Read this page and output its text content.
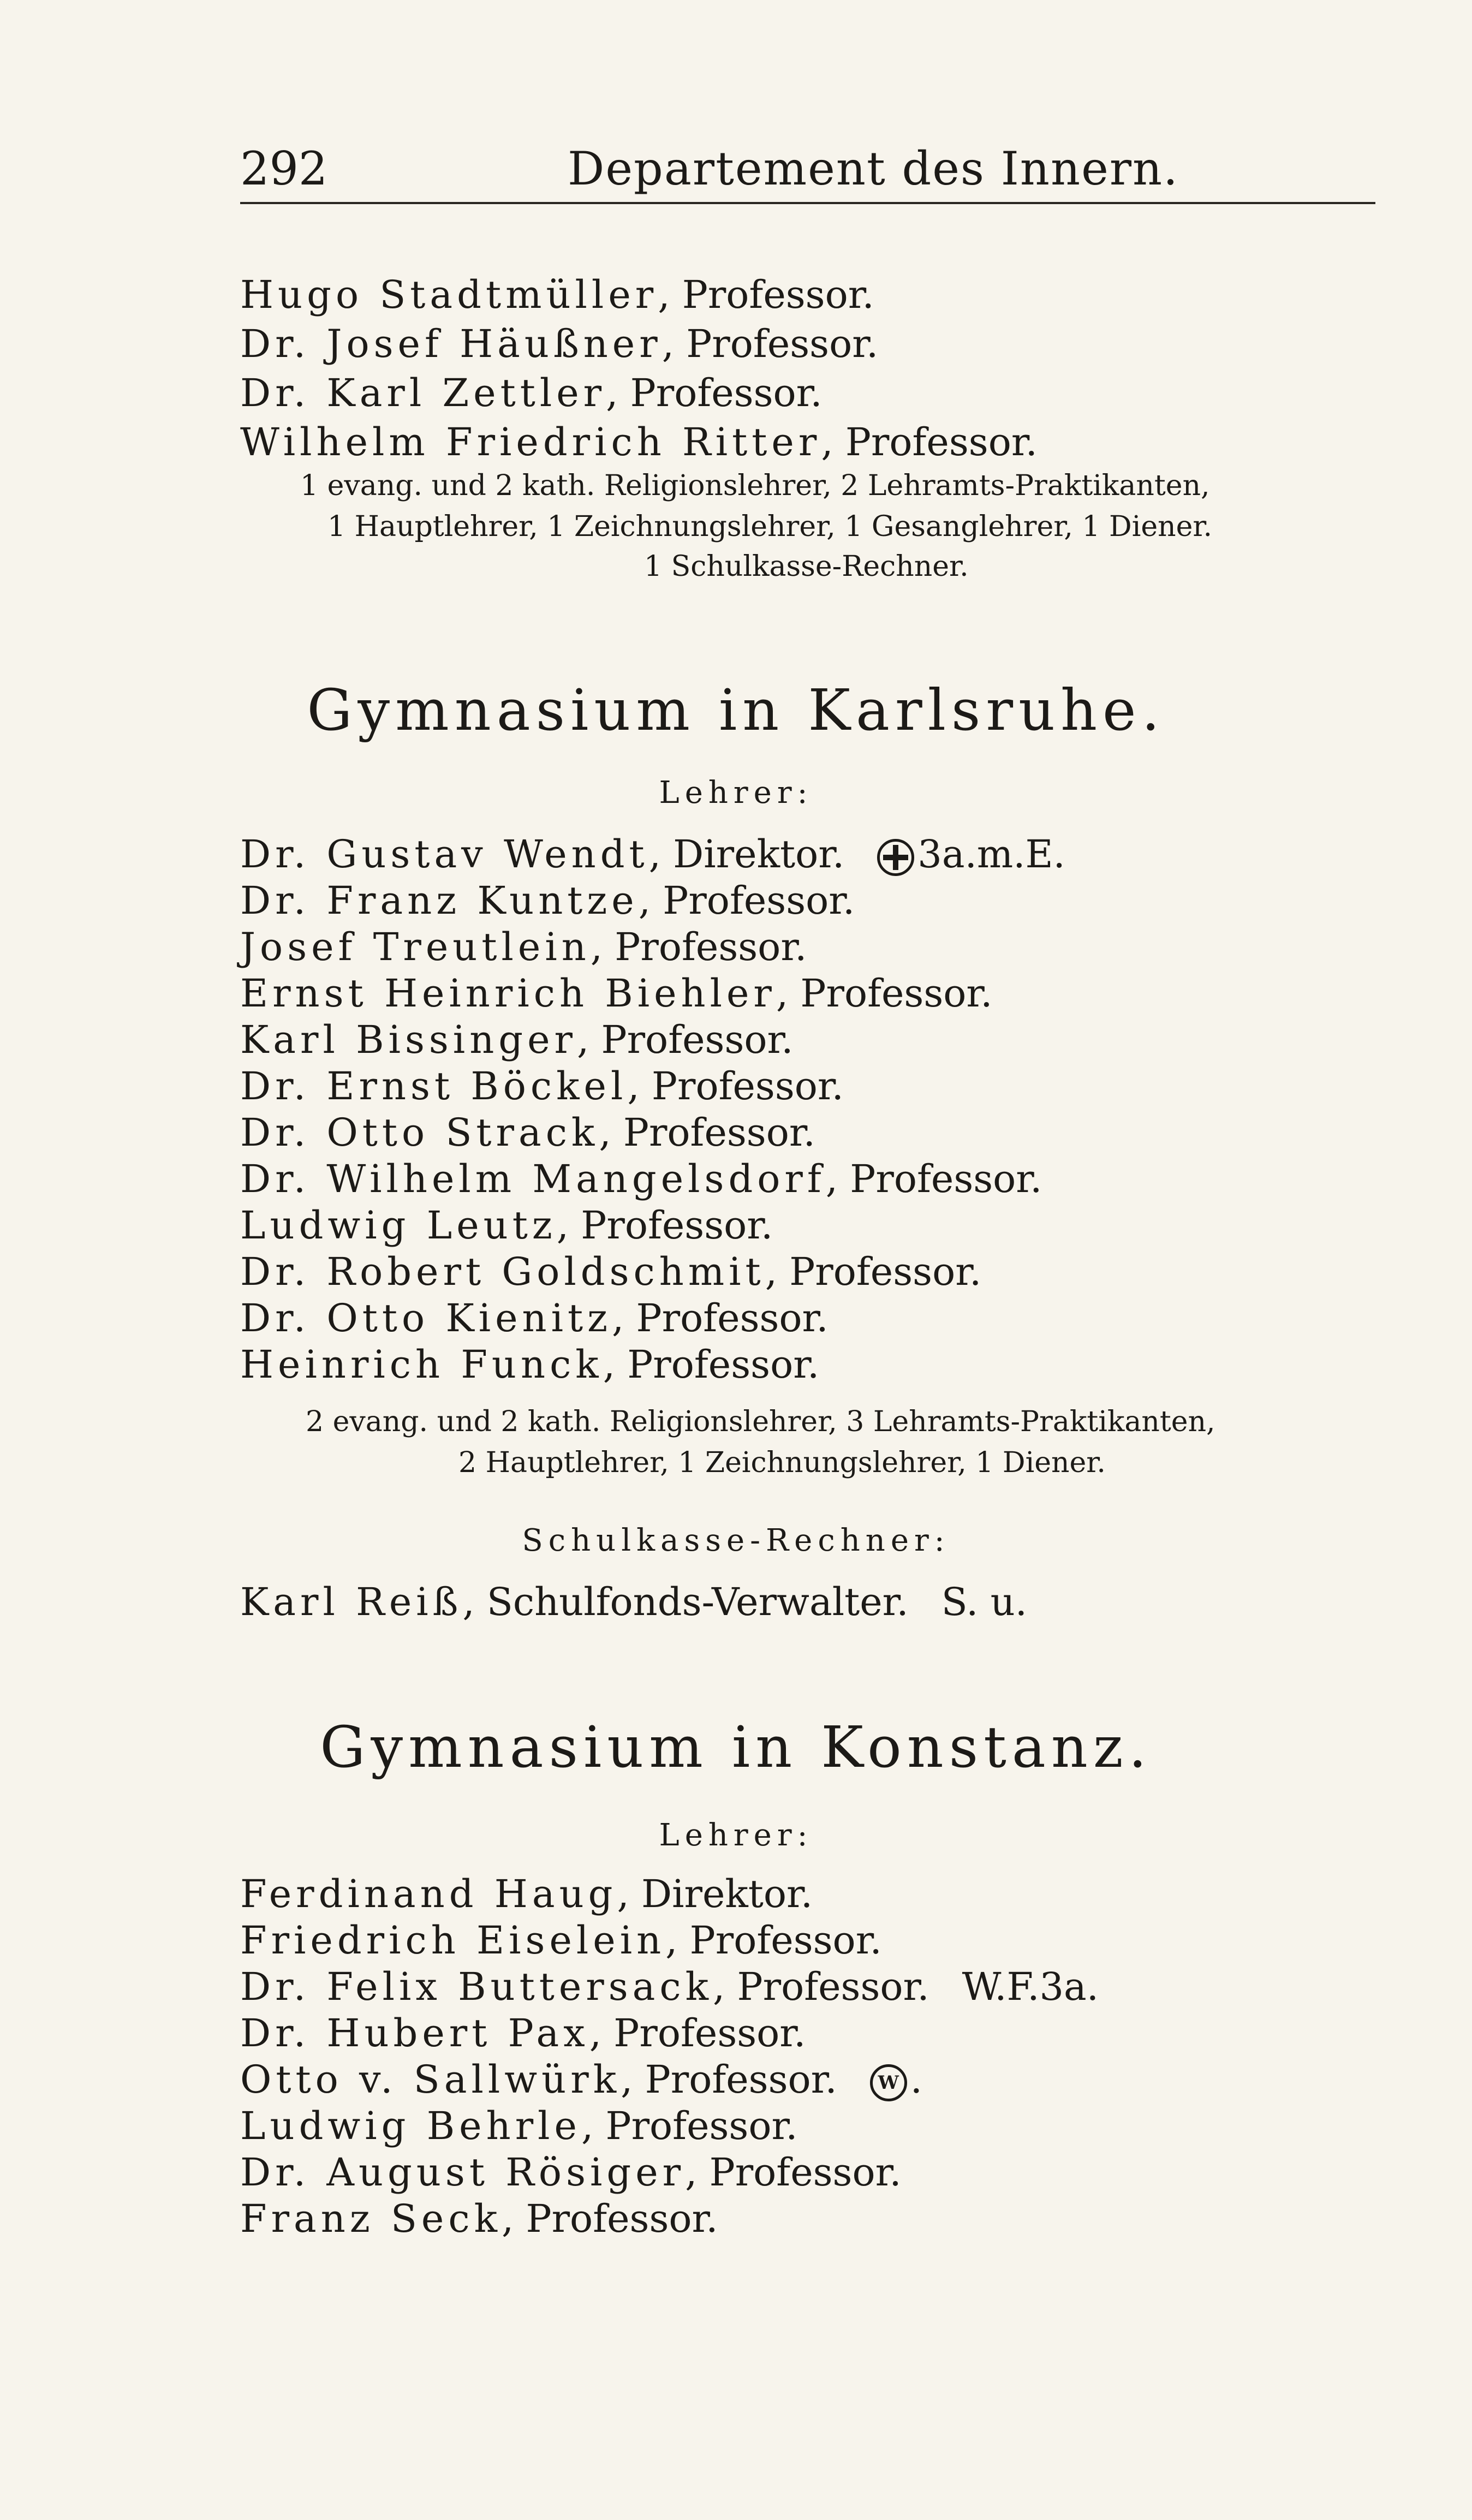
292	Departement des Innern.
Hugo Stadtmüller, Professor.
Dr. Josef Häußner, Professor.
Dr. Karl Zettler, Professor.
Wilhelm Friedrich Ritter, Professor.
1 evang. und 2 kath. Religionslehrer, 2 Lehramts-Praktikanten,
1 Hauptlehrer, 1 Zeichnungslehrer, 1 Gesanglehrer, 1 Diener.
1 Schulkasse-Rechner.
Gymnasium in Karlsruhe.
Lehrer:
Dr. Gustav Wendt, Direktor. 3a.m.E.
Dr. Franz Kuntze, Professor.
Josef Treutlein, Professor.
Ernst Heinrich Biehler, Professor.
Karl Bissinger, Professor.
Dr. Ernst Böckel, Professor.
Dr. Otto Strack, Professor.
Dr. Wilhelm Mangelsdorf, Professor.
Ludwig Leutz, Professor.
Dr. Robert Goldschmit, Professor.
Dr. Otto Kienitz, Professor.
Heinrich Funck, Professor.
2 evang. und 2 kath. Religionslehrer, 3 Lehramts-Praktikanten,
2 Hauptlehrer, 1 Zeichnungslehrer, 1 Diener.
Schulkasse-Rechner:
Karl Reiß, Schulfonds-Verwalter. S. u.
Gymnasium in Konstanz.
Lehrer:
Ferdinand Haug, Direktor.
Friedrich Eiselein, Professor.
Dr. Felix Buttersack, Professor. W.F.3a.
Dr. Hubert Pax, Professor.
Otto v. Sallwürk, Professor. W .
Ludwig Behrle, Professor.
Dr. August Rösiger, Professor.
Franz Seck, Professor.
